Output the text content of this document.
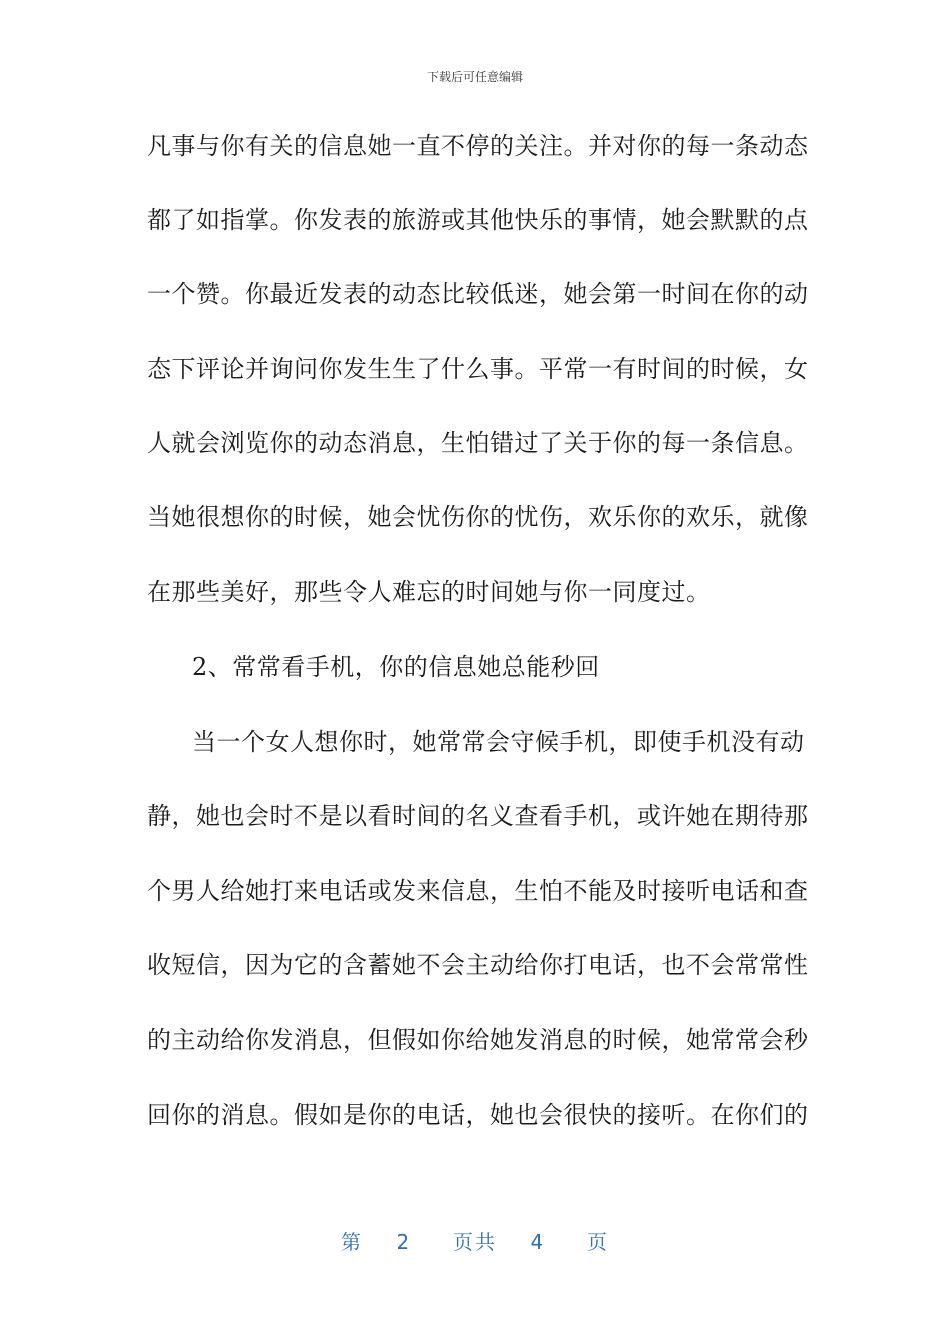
下载后可任意编辑
凡事与你有关的信息她一直不停的关注。并对你的每一条动态
都了如指掌。你发表的旅游或其他快乐的事情，她会默默的点
一个赞。你最近发表的动态比较低迷，她会第一时间在你的动
态下评论并询问你发生生了什么事。平常一有时间的时候，女
人就会浏览你的动态消息，生怕错过了关于你的每一条信息。
当她很想你的时候，她会忧伤你的忧伤，欢乐你的欢乐，就像
在那些美好，那些令人难忘的时间她与你一同度过。
2、常常看手机，你的信息她总能秒回
当一个女人想你时，她常常会守候手机，即使手机没有动
静，她也会时不是以看时间的名义查看手机，或许她在期待那
个男人给她打来电话或发来信息，生怕不能及时接听电话和查
收短信，因为它的含蓄她不会主动给你打电话，也不会常常性
的主动给你发消息，但假如你给她发消息的时候，她常常会秒
回你的消息。假如是你的电话，她也会很快的接听。在你们的
第 2 页共 4 页
